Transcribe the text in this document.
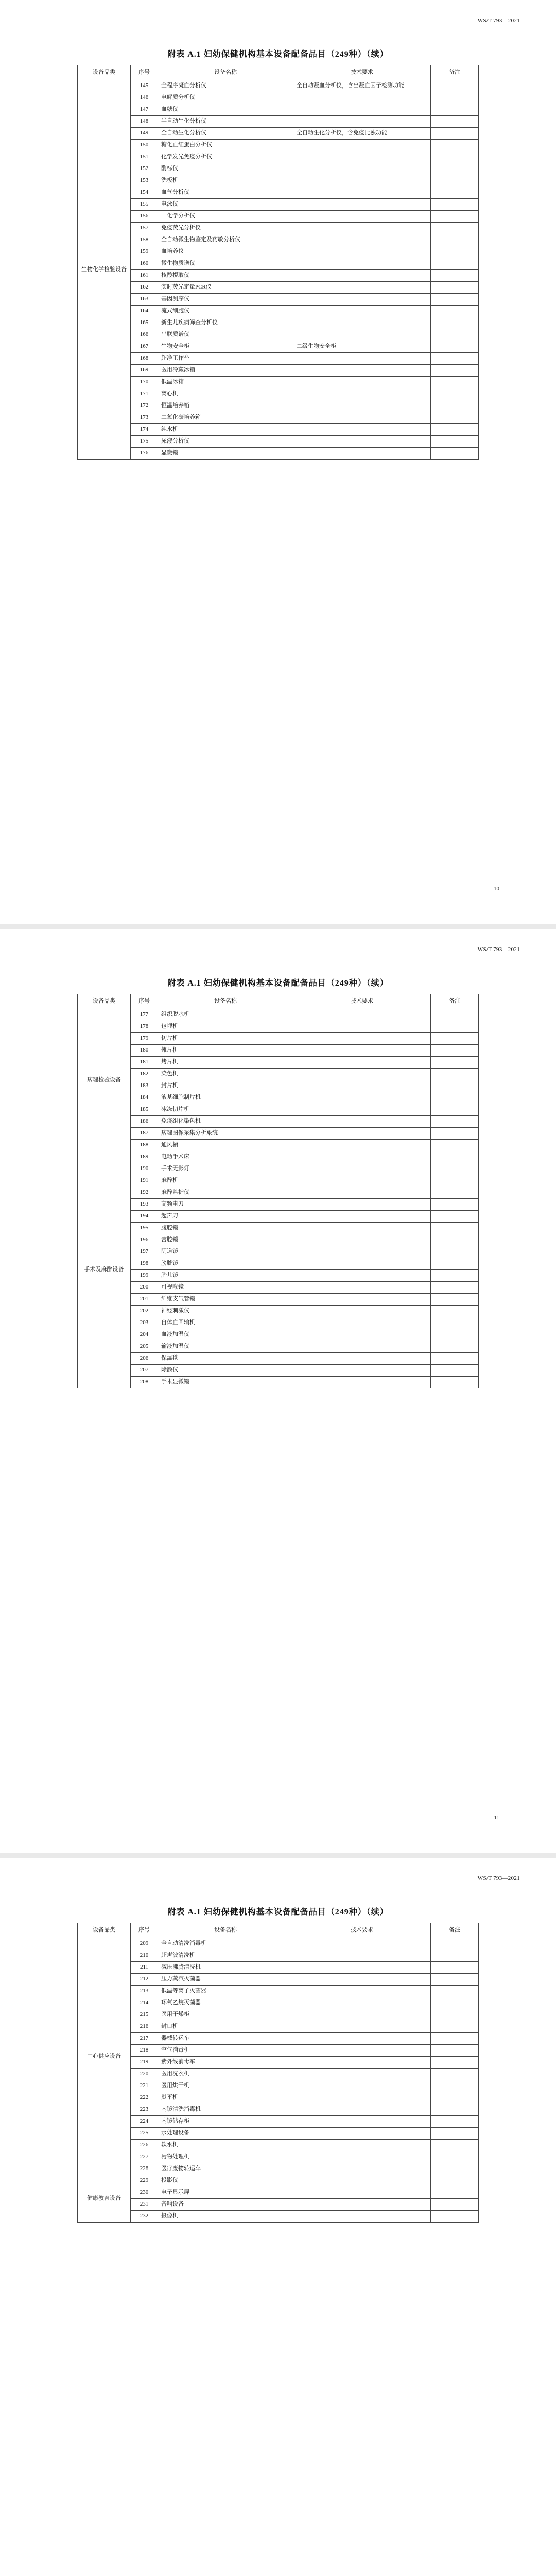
WS/T 793—2021
附表 A.1 妇幼保健机构基本设备配备品目（249种）（续）
设备品类	序号	设备名称	技术要求	备注
生物化学检验设备	145	全程序凝血分析仪	全自动凝血分析仪，含出凝血因子检测功能	
	146	电解质分析仪		
	147	血糖仪		
	148	半自动生化分析仪		
	149	全自动生化分析仪	全自动生化分析仪，含免疫比浊功能	
	150	糖化血红蛋白分析仪		
	151	化学发光免疫分析仪		
	152	酶标仪		
	153	洗板机		
	154	血气分析仪		
	155	电泳仪		
	156	干化学分析仪		
	157	免疫荧光分析仪		
	158	全自动微生物鉴定及药敏分析仪		
	159	血培养仪		
	160	微生物质谱仪		
	161	核酸提取仪		
	162	实时荧光定量PCR仪		
	163	基因测序仪		
	164	流式细胞仪		
	165	新生儿疾病筛查分析仪		
	166	串联质谱仪		
	167	生物安全柜	二级生物安全柜	
	168	超净工作台		
	169	医用冷藏冰箱		
	170	低温冰箱		
	171	离心机		
	172	恒温培养箱		
	173	二氧化碳培养箱		
	174	纯水机		
	175	尿液分析仪		
	176	显微镜		
10
WS/T 793—2021
附表 A.1 妇幼保健机构基本设备配备品目（249种）（续）
设备品类	序号	设备名称	技术要求	备注
病理检验设备	177	组织脱水机		
	178	包埋机		
	179	切片机		
	180	摊片机		
	181	烤片机		
	182	染色机		
	183	封片机		
	184	液基细胞制片机		
	185	冰冻切片机		
	186	免疫组化染色机		
	187	病理图像采集分析系统		
	188	通风橱		
手术及麻醉设备	189	电动手术床		
	190	手术无影灯		
	191	麻醉机		
	192	麻醉监护仪		
	193	高频电刀		
	194	超声刀		
	195	腹腔镜		
	196	宫腔镜		
	197	阴道镜		
	198	膀胱镜		
	199	胎儿镜		
	200	可视喉镜		
	201	纤维支气管镜		
	202	神经刺激仪		
	203	自体血回输机		
	204	血液加温仪		
	205	输液加温仪		
	206	保温毯		
	207	除颤仪		
	208	手术显微镜		
11
WS/T 793—2021
附表 A.1 妇幼保健机构基本设备配备品目（249种）（续）
设备品类	序号	设备名称	技术要求	备注
中心供应设备	209	全自动清洗消毒机		
	210	超声波清洗机		
	211	减压沸腾清洗机		
	212	压力蒸汽灭菌器		
	213	低温等离子灭菌器		
	214	环氧乙烷灭菌器		
	215	医用干燥柜		
	216	封口机		
	217	器械转运车		
	218	空气消毒机		
	219	紫外线消毒车		
	220	医用洗衣机		
	221	医用烘干机		
	222	熨平机		
	223	内镜清洗消毒机		
	224	内镜储存柜		
	225	水处理设备		
	226	软水机		
	227	污物处理机		
	228	医疗废物转运车		
健康教育设备	229	投影仪		
	230	电子显示屏		
	231	音响设备		
	232	摄像机		
